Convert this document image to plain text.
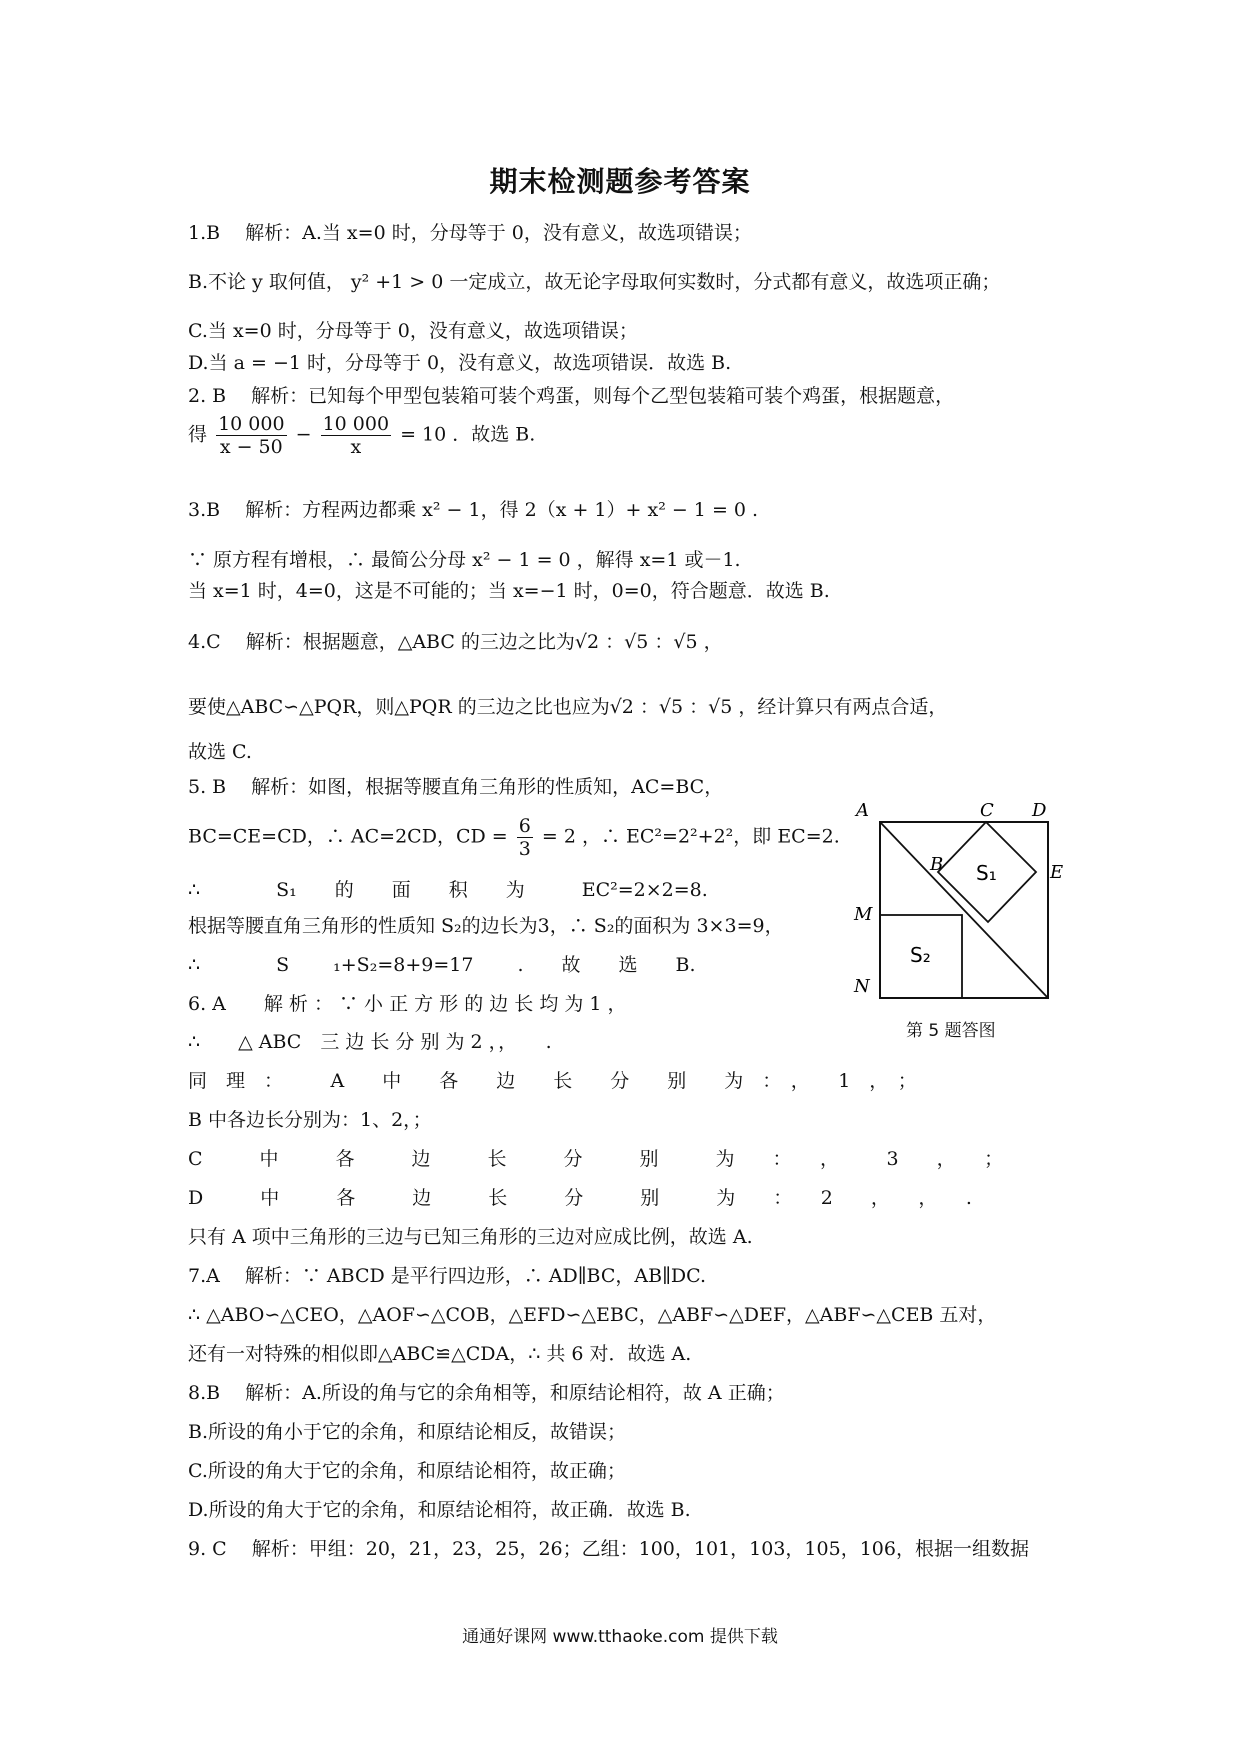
期末检测题参考答案
1.B　 解析：A.当 x=0 时，分母等于 0，没有意义，故选项错误；
B.不论 y 取何值， y² +1 > 0 一定成立，故无论字母取何实数时，分式都有意义，故选项正确；
C.当 x=0 时，分母等于 0，没有意义，故选项错误；
D.当 a = −1 时，分母等于 0，没有意义，故选项错误．故选 B.
2. B　 解析：已知每个甲型包装箱可装个鸡蛋，则每个乙型包装箱可装个鸡蛋，根据题意，
得 $\frac{10 000}{x - 50} - \frac{10 000}{x} = 10$ ．故选 B.
3.B　 解析：方程两边都乘 x² − 1，得 2（x + 1）+ x² − 1 = 0 .
∵ 原方程有增根，∴ 最简公分母 x² − 1 = 0 ，解得 x=1 或－1.
当 x=1 时，4=0，这是不可能的；当 x=−1 时，0=0，符合题意．故选 B.
4.C　 解析：根据题意，△ABC 的三边之比为√2 ：√5 ：√5 ，
要使△ABC∽△PQR，则△PQR 的三边之比也应为√2 ：√5 ：√5 ，经计算只有两点合适，
故选 C.
5. B　 解析：如图，根据等腰直角三角形的性质知，AC=BC，
BC=CE=CD，∴ AC=2CD，CD = $\frac{6}{3} = 2$ ，∴ EC²=2²+2²，即 EC=2.
∴　　　　S₁　　的　　面　　积　　为　　　EC²=2×2=8.
根据等腰直角三角形的性质知 S₂的边长为3，∴ S₂的面积为 3×3=9，
∴　　　　S　　 ₁+S₂=8+9=17　　 .　　故　　选　　B.
6. A　　解 析 ： ∵ 小 正 方 形 的 边 长 均 为 1 ，
∴　　△ ABC　三 边 长 分 别 为 2 ，，　　.
同　理　：　　　A　　中　　各　　边　　长　　分　　别　　为　：　，　　1　，　；
B 中各边长分别为：1、2，；
C　　　中　　　各　　　边　　　长　　　分　　　别　　　为　　：　　，　　　3　　，　　；
D　　　中　　　各　　　边　　　长　　　分　　　别　　　为　　：　　2　　，　　，　　.
只有 A 项中三角形的三边与已知三角形的三边对应成比例，故选 A.
7.A　 解析：∵ ABCD 是平行四边形，∴ AD∥BC，AB∥DC.
∴ △ABO∽△CEO，△AOF∽△COB，△EFD∽△EBC，△ABF∽△DEF，△ABF∽△CEB 五对，
还有一对特殊的相似即△ABC≌△CDA，∴ 共 6 对．故选 A.
8.B　 解析：A.所设的角与它的余角相等，和原结论相符，故 A 正确；
B.所设的角小于它的余角，和原结论相反，故错误；
C.所设的角大于它的余角，和原结论相符，故正确；
D.所设的角大于它的余角，和原结论相符，故正确．故选 B.
9. C　 解析：甲组：20，21，23，25，26；乙组：100，101，103，105，106，根据一组数据
A	C D
B	E
M
N
S₁
S₂
第 5 题答图
通通好课网 www.tthaoke.com 提供下载
